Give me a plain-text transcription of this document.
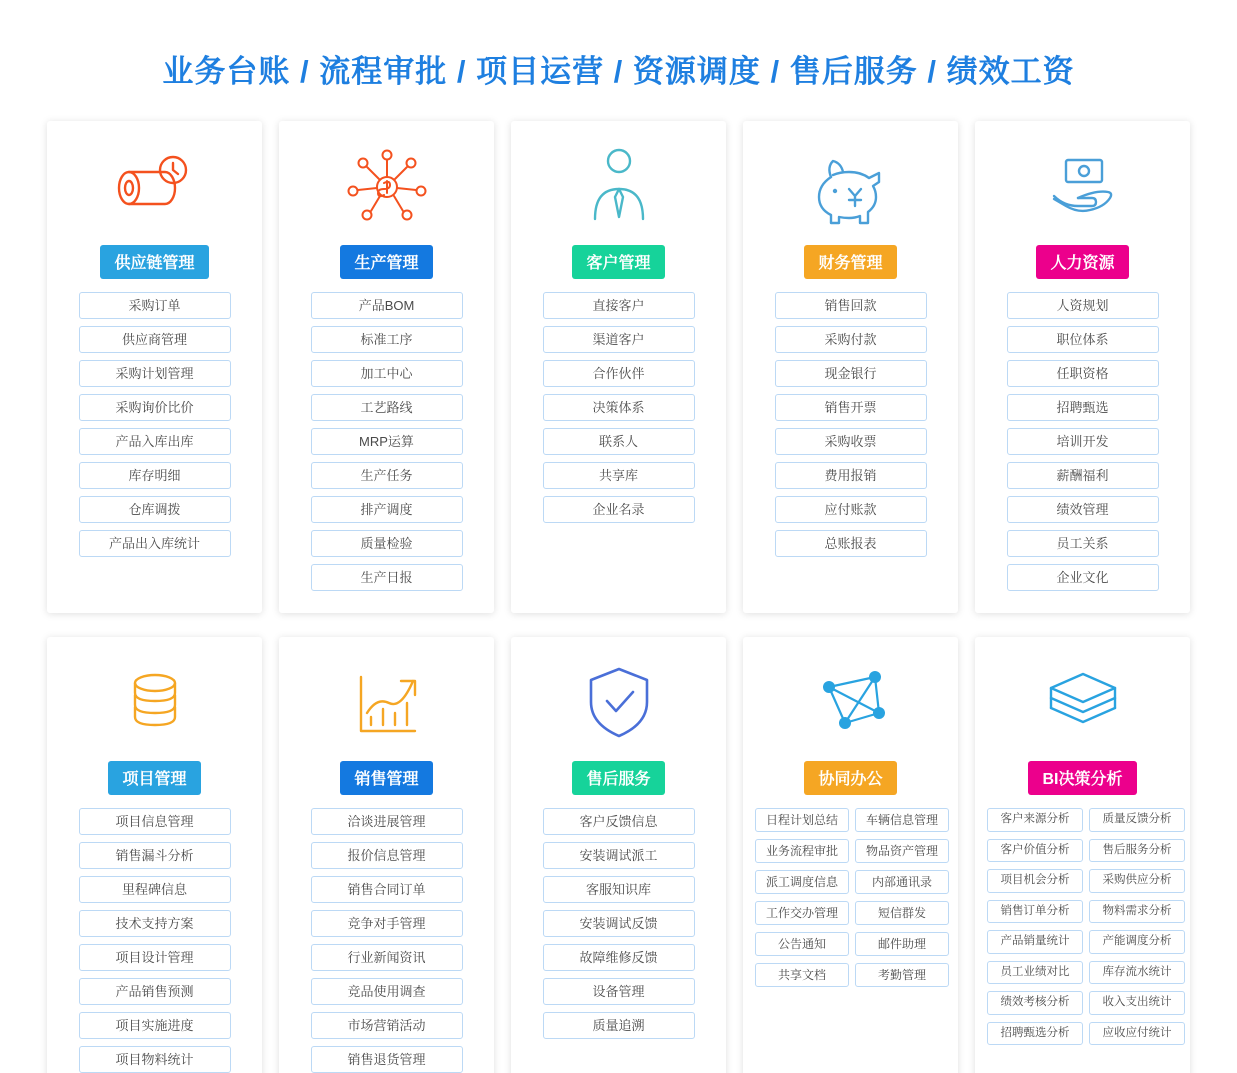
业务台账 / 流程审批 / 项目运营 / 资源调度 / 售后服务 / 绩效工资
供应链管理
采购订单
供应商管理
采购计划管理
采购询价比价
产品入库出库
库存明细
仓库调拨
产品出入库统计
生产管理
产品BOM
标准工序
加工中心
工艺路线
MRP运算
生产任务
排产调度
质量检验
生产日报
客户管理
直接客户
渠道客户
合作伙伴
决策体系
联系人
共享库
企业名录
财务管理
销售回款
采购付款
现金银行
销售开票
采购收票
费用报销
应付账款
总账报表
人力资源
人资规划
职位体系
任职资格
招聘甄选
培训开发
薪酬福利
绩效管理
员工关系
企业文化
项目管理
项目信息管理
销售漏斗分析
里程碑信息
技术支持方案
项目设计管理
产品销售预测
项目实施进度
项目物料统计
销售管理
洽谈进展管理
报价信息管理
销售合同订单
竞争对手管理
行业新闻资讯
竞品使用调查
市场营销活动
销售退货管理
售后服务
客户反馈信息
安装调试派工
客服知识库
安装调试反馈
故障维修反馈
设备管理
质量追溯
协同办公
日程计划总结	车辆信息管理
业务流程审批	物品资产管理
派工调度信息	内部通讯录
工作交办管理	短信群发
公告通知	邮件助理
共享文档	考勤管理
BI决策分析
客户来源分析	质量反馈分析
客户价值分析	售后服务分析
项目机会分析	采购供应分析
销售订单分析	物料需求分析
产品销量统计	产能调度分析
员工业绩对比	库存流水统计
绩效考核分析	收入支出统计
招聘甄选分析	应收应付统计
